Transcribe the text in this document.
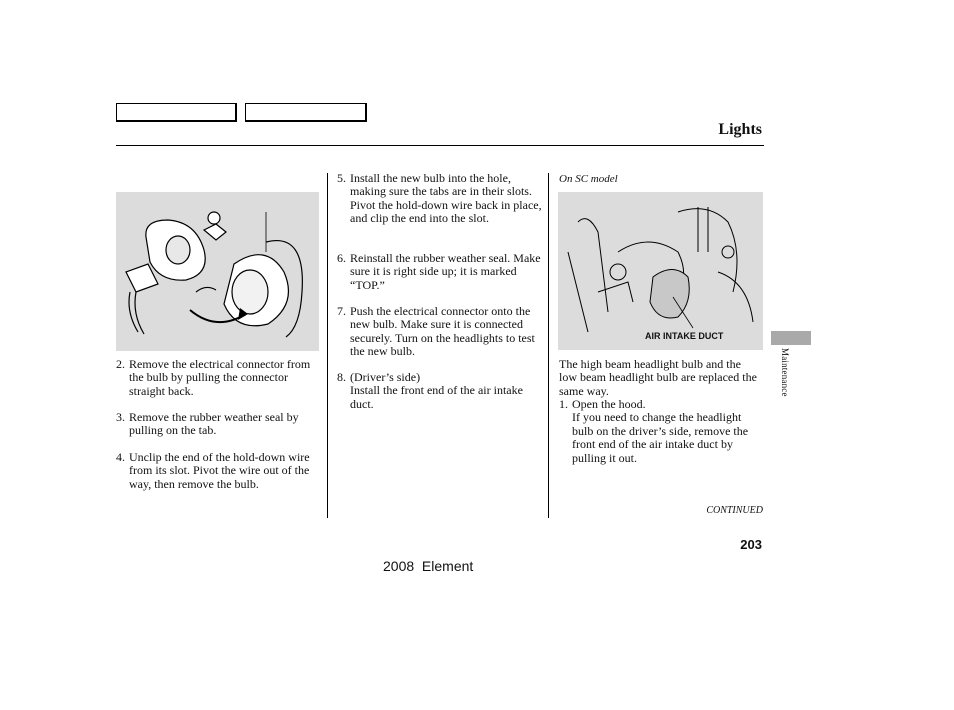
Lights
2. Remove the electrical connector from the bulb by pulling the connector straight back.
3. Remove the rubber weather seal by pulling on the tab.
4. Unclip the end of the hold-down wire from its slot. Pivot the wire out of the way, then remove the bulb.
5. Install the new bulb into the hole, making sure the tabs are in their slots. Pivot the hold-down wire back in place, and clip the end into the slot.
6. Reinstall the rubber weather seal. Make sure it is right side up; it is marked “TOP.”
7. Push the electrical connector onto the new bulb. Make sure it is connected securely. Turn on the headlights to test the new bulb.
8. (Driver’s side)
Install the front end of the air intake duct.
On SC model
AIR INTAKE DUCT
The high beam headlight bulb and the low beam headlight bulb are replaced the same way.
1. Open the hood.
If you need to change the headlight bulb on the driver’s side, remove the front end of the air intake duct by pulling it out.
CONTINUED
Maintenance
203
2008  Element
